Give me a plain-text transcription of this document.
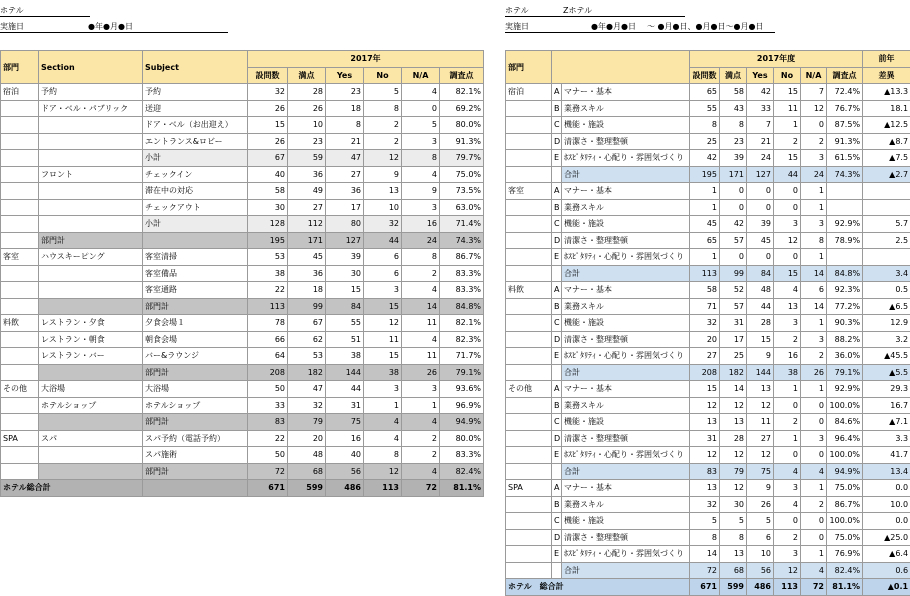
ホテル
実施日	●年●月●日
部門	Section	Subject	2017年					
			設問数	満点	Yes	No	N/A	調査点
宿泊	予約	予約	32	28	23	5	4	82.1%
	ドア・ベル・パブリック	送迎	26	26	18	8	0	69.2%
		ドア・ベル（お出迎え）	15	10	8	2	5	80.0%
		エントランス&ロビー	26	23	21	2	3	91.3%
		小計	67	59	47	12	8	79.7%
	フロント	チェックイン	40	36	27	9	4	75.0%
		滞在中の対応	58	49	36	13	9	73.5%
		チェックアウト	30	27	17	10	3	63.0%
		小計	128	112	80	32	16	71.4%
	部門計		195	171	127	44	24	74.3%
客室	ハウスキーピング	客室清掃	53	45	39	6	8	86.7%
		客室備品	38	36	30	6	2	83.3%
		客室通路	22	18	15	3	4	83.3%
		部門計	113	99	84	15	14	84.8%
料飲	レストラン・夕食	夕食会場１	78	67	55	12	11	82.1%
	レストラン・朝食	朝食会場	66	62	51	11	4	82.3%
	レストラン・バー	バー&ラウンジ	64	53	38	15	11	71.7%
		部門計	208	182	144	38	26	79.1%
その他	大浴場	大浴場	50	47	44	3	3	93.6%
	ホテルショップ	ホテルショップ	33	32	31	1	1	96.9%
		部門計	83	79	75	4	4	94.9%
SPA	スパ	スパ予約（電話予約）	22	20	16	4	2	80.0%
		スパ施術	50	48	40	8	2	83.3%
		部門計	72	68	56	12	4	82.4%
ホテル総合計			671	599	486	113	72	81.1%
ホテル	Zホテル
実施日	●年●月●日 ～ ●月●日、●月●日～●月●日
部門			2017年度						前年
			設問数	満点	Yes	No	N/A	調査点	差異
宿泊	A	マナー・基本	65	58	42	15	7	72.4%	▲13.3
	B	業務スキル	55	43	33	11	12	76.7%	18.1
	C	機能・施設	8	8	7	1	0	87.5%	▲12.5
	D	清潔さ・整理整頓	25	23	21	2	2	91.3%	▲8.7
	E	ﾎｽﾋﾟﾀﾘﾃｨ・心配り・雰囲気づくり	42	39	24	15	3	61.5%	▲7.5
		合計	195	171	127	44	24	74.3%	▲2.7
客室	A	マナー・基本	1	0	0	0	1		
	B	業務スキル	1	0	0	0	1		
	C	機能・施設	45	42	39	3	3	92.9%	5.7
	D	清潔さ・整理整頓	65	57	45	12	8	78.9%	2.5
	E	ﾎｽﾋﾟﾀﾘﾃｨ・心配り・雰囲気づくり	1	0	0	0	1		
		合計	113	99	84	15	14	84.8%	3.4
料飲	A	マナー・基本	58	52	48	4	6	92.3%	0.5
	B	業務スキル	71	57	44	13	14	77.2%	▲6.5
	C	機能・施設	32	31	28	3	1	90.3%	12.9
	D	清潔さ・整理整頓	20	17	15	2	3	88.2%	3.2
	E	ﾎｽﾋﾟﾀﾘﾃｨ・心配り・雰囲気づくり	27	25	9	16	2	36.0%	▲45.5
		合計	208	182	144	38	26	79.1%	▲5.5
その他	A	マナー・基本	15	14	13	1	1	92.9%	29.3
	B	業務スキル	12	12	12	0	0	100.0%	16.7
	C	機能・施設	13	13	11	2	0	84.6%	▲7.1
	D	清潔さ・整理整頓	31	28	27	1	3	96.4%	3.3
	E	ﾎｽﾋﾟﾀﾘﾃｨ・心配り・雰囲気づくり	12	12	12	0	0	100.0%	41.7
		合計	83	79	75	4	4	94.9%	13.4
SPA	A	マナー・基本	13	12	9	3	1	75.0%	0.0
	B	業務スキル	32	30	26	4	2	86.7%	10.0
	C	機能・施設	5	5	5	0	0	100.0%	0.0
	D	清潔さ・整理整頓	8	8	6	2	0	75.0%	▲25.0
	E	ﾎｽﾋﾟﾀﾘﾃｨ・心配り・雰囲気づくり	14	13	10	3	1	76.9%	▲6.4
		合計	72	68	56	12	4	82.4%	0.6
ホテル　総合計			671	599	486	113	72	81.1%	▲0.1
